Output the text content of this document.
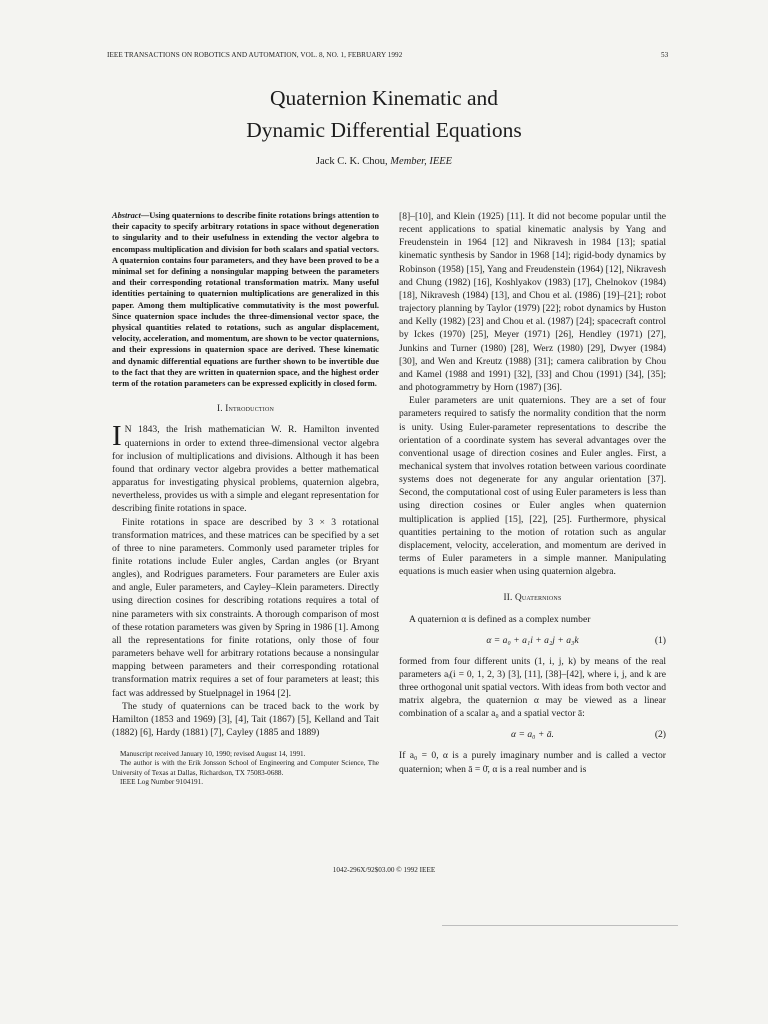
IEEE TRANSACTIONS ON ROBOTICS AND AUTOMATION, VOL. 8, NO. 1, FEBRUARY 1992	53
Quaternion Kinematic and
Dynamic Differential Equations
Jack C. K. Chou, Member, IEEE

Abstract—Using quaternions to describe finite rotations brings attention to their capacity to specify arbitrary rotations in space without degeneration to singularity and to their usefulness in extending the vector algebra to encompass multiplication and division for both scalars and spatial vectors. A quaternion contains four parameters, and they have been proved to be a minimal set for defining a nonsingular mapping between the parameters and their corresponding rotational transformation matrix. Many useful identities pertaining to quaternion multiplications are generalized in this paper. Among them multiplicative commutativity is the most powerful. Since quaternion space includes the three-dimensional vector space, the physical quantities related to rotations, such as angular displacement, velocity, acceleration, and momentum, are shown to be vector quaternions, and their expressions in quaternion space are derived. These kinematic and dynamic differential equations are further shown to be invertible due to the fact that they are written in quaternion space, and the highest order term of the rotation parameters can be expressed explicitly in closed form.

I. Introduction

I N 1843, the Irish mathematician W. R. Hamilton invented quaternions in order to extend three-dimensional vector algebra for inclusion of multiplications and divisions. Although it has been found that ordinary vector algebra provides a better mathematical apparatus for investigating physical problems, quaternion algebra, nevertheless, provides us with a simple and elegant representation for describing finite rotations in space.

Finite rotations in space are described by 3 × 3 rotational transformation matrices, and these matrices can be specified by a set of three to nine parameters. Commonly used parameter triples for finite rotations include Euler angles, Cardan angles (or Bryant angles), and Rodrigues parameters. Four parameters are Euler axis and angle, Euler parameters, and Cayley–Klein parameters. Directly using direction cosines for describing rotations requires a total of nine parameters with six constraints. A thorough comparison of most of these rotation parameters was given by Spring in 1986 [1]. Among all the representations for finite rotations, only those of four parameters behave well for arbitrary rotations because a nonsingular mapping between parameters and their corresponding rotational transformation matrix requires a set of four parameters at least; this fact was addressed by Stuelpnagel in 1964 [2].

The study of quaternions can be traced back to the work by Hamilton (1853 and 1969) [3], [4], Tait (1867) [5], Kelland and Tait (1882) [6], Hardy (1881) [7], Cayley (1885 and 1889)

Manuscript received January 10, 1990; revised August 14, 1991.
The author is with the Erik Jonsson School of Engineering and Computer Science, The University of Texas at Dallas, Richardson, TX 75083-0688.
IEEE Log Number 9104191.

[8]–[10], and Klein (1925) [11]. It did not become popular until the recent applications to spatial kinematic analysis by Yang and Freudenstein in 1964 [12] and Nikravesh in 1984 [13]; spatial kinematic synthesis by Sandor in 1968 [14]; rigid-body dynamics by Robinson (1958) [15], Yang and Freudenstein (1964) [12], Nikravesh and Chung (1982) [16], Koshlyakov (1983) [17], Chelnokov (1984) [18], Nikravesh (1984) [13], and Chou et al. (1986) [19]–[21]; robot trajectory planning by Taylor (1979) [22]; robot dynamics by Huston and Kelly (1982) [23] and Chou et al. (1987) [24]; spacecraft control by Ickes (1970) [25], Meyer (1971) [26], Hendley (1971) [27], Junkins and Turner (1980) [28], Werz (1980) [29], Dwyer (1984) [30], and Wen and Kreutz (1988) [31]; camera calibration by Chou and Kamel (1988 and 1991) [32], [33] and Chou (1991) [34], [35]; and photogrammetry by Horn (1987) [36].

Euler parameters are unit quaternions. They are a set of four parameters required to satisfy the normality condition that the norm is unity. Using Euler-parameter representations to describe the orientation of a coordinate system has several advantages over the conventional usage of direction cosines and Euler angles. First, a mechanical system that involves rotation between various coordinate systems does not degenerate for any angular orientation [37]. Second, the computational cost of using Euler parameters is less than using direction cosines or Euler angles when quaternion multiplication is applied [15], [22], [25]. Furthermore, physical quantities pertaining to the motion of rotation such as angular displacement, velocity, acceleration, and momentum are derived in terms of Euler parameters in a simple manner. Manipulating equations is much easier when using quaternion algebra.

II. Quaternions

A quaternion α is defined as a complex number

α = a₀ + a₁i + a₂j + a₃k	(1)

formed from four different units (1, i, j, k) by means of the real parameters aᵢ(i = 0, 1, 2, 3) [3], [11], [38]–[42], where i, j, and k are three orthogonal unit spatial vectors. With ideas from both vector and matrix algebra, the quaternion α may be viewed as a linear combination of a scalar a₀ and a spatial vector ā:

α = a₀ + ā.	(2)

If a₀ = 0, α is a purely imaginary number and is called a vector quaternion; when ā = 0̄, α is a real number and is

1042-296X/92$03.00 © 1992 IEEE
